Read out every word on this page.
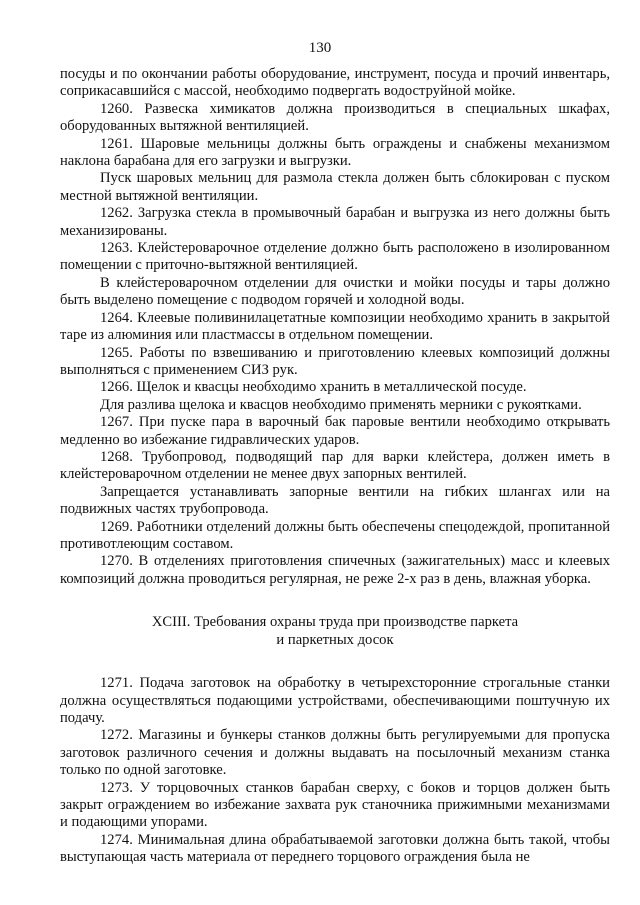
130

посуды и по окончании работы оборудование, инструмент, посуда и прочий инвентарь, соприкасавшийся с массой, необходимо подвергать водоструйной мойке.

1260. Развеска химикатов должна производиться в специальных шкафах, оборудованных вытяжной вентиляцией.

1261. Шаровые мельницы должны быть ограждены и снабжены механизмом наклона барабана для его загрузки и выгрузки.

Пуск шаровых мельниц для размола стекла должен быть сблокирован с пуском местной вытяжной вентиляции.

1262. Загрузка стекла в промывочный барабан и выгрузка из него должны быть механизированы.

1263. Клейстероварочное отделение должно быть расположено в изолированном помещении с приточно-вытяжной вентиляцией.

В клейстероварочном отделении для очистки и мойки посуды и тары должно быть выделено помещение с подводом горячей и холодной воды.

1264. Клеевые поливинилацетатные композиции необходимо хранить в закрытой таре из алюминия или пластмассы в отдельном помещении.

1265. Работы по взвешиванию и приготовлению клеевых композиций должны выполняться с применением СИЗ рук.

1266. Щелок и квасцы необходимо хранить в металлической посуде.

Для разлива щелока и квасцов необходимо применять мерники с рукоятками.

1267. При пуске пара в варочный бак паровые вентили необходимо открывать медленно во избежание гидравлических ударов.

1268. Трубопровод, подводящий пар для варки клейстера, должен иметь в клейстероварочном отделении не менее двух запорных вентилей.

Запрещается устанавливать запорные вентили на гибких шлангах или на подвижных частях трубопровода.

1269. Работники отделений должны быть обеспечены спецодеждой, пропитанной противотлеющим составом.

1270. В отделениях приготовления спичечных (зажигательных) масс и клеевых композиций должна проводиться регулярная, не реже 2-х раз в день, влажная уборка.

XCIII. Требования охраны труда при производстве паркета
и паркетных досок

1271. Подача заготовок на обработку в четырехсторонние строгальные станки должна осуществляться подающими устройствами, обеспечивающими поштучную их подачу.

1272. Магазины и бункеры станков должны быть регулируемыми для пропуска заготовок различного сечения и должны выдавать на посылочный механизм станка только по одной заготовке.

1273. У торцовочных станков барабан сверху, с боков и торцов должен быть закрыт ограждением во избежание захвата рук станочника прижимными механизмами и подающими упорами.

1274. Минимальная длина обрабатываемой заготовки должна быть такой, чтобы выступающая часть материала от переднего торцового ограждения была не
